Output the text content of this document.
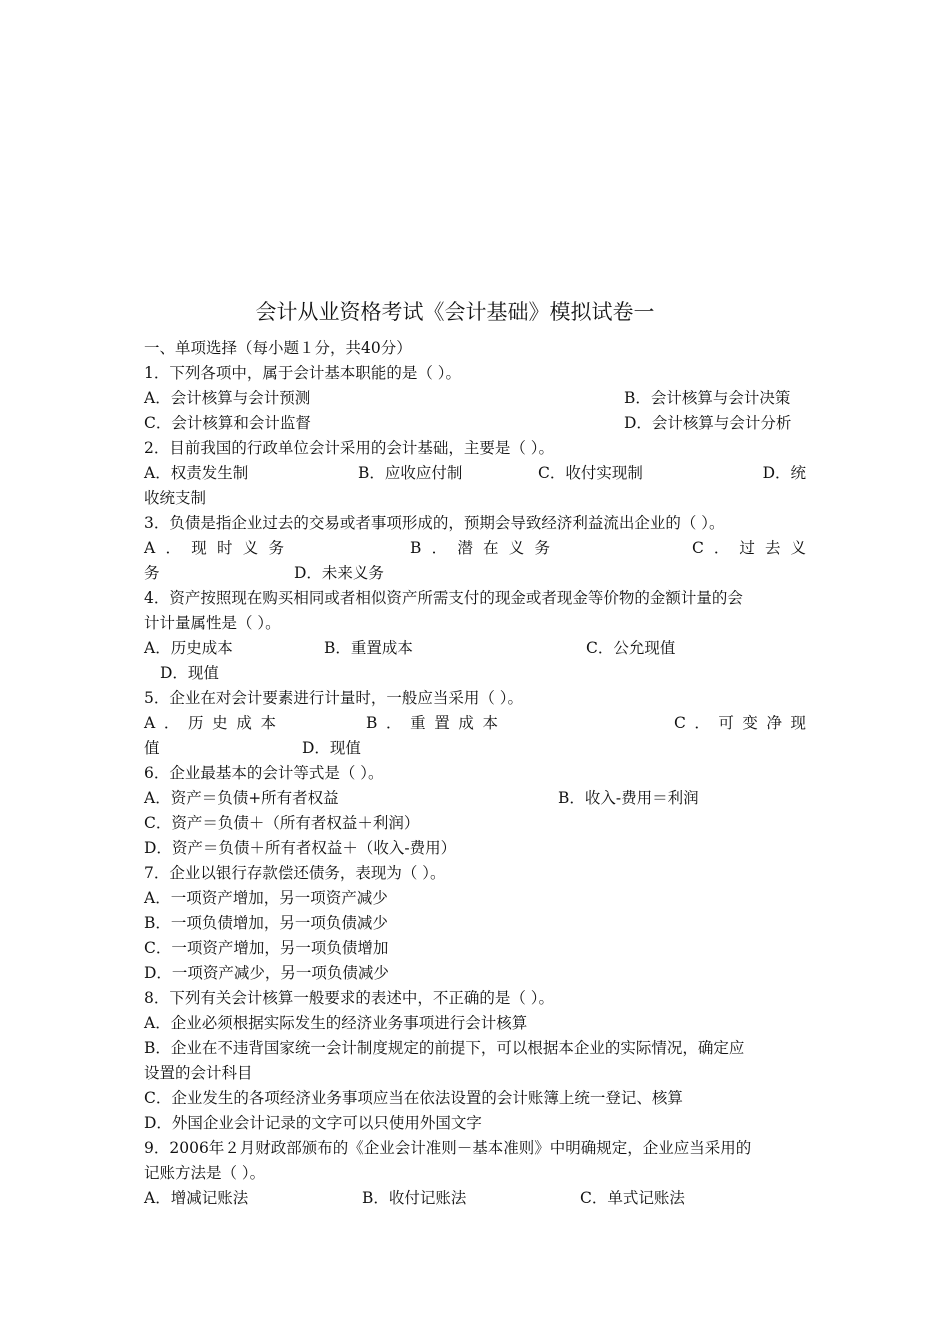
会计从业资格考试《会计基础》模拟试卷一
一、单项选择（每小题１分，共40分）
1．下列各项中，属于会计基本职能的是（ ）。
A．会计核算与会计预测	B．会计核算与会计决策
C．会计核算和会计监督	D．会计核算与会计分析
2．目前我国的行政单位会计采用的会计基础，主要是（ ）。
A．权责发生制	B．应收应付制	C．收付实现制	D．统
收统支制
3．负债是指企业过去的交易或者事项形成的，预期会导致经济利益流出企业的（ ）。
A．现时义务	B．潜在义务	C．过去义
务	D．未来义务
4．资产按照现在购买相同或者相似资产所需支付的现金或者现金等价物的金额计量的会
计计量属性是（ ）。
A．历史成本	B．重置成本	C．公允现值
D．现值
5．企业在对会计要素进行计量时，一般应当采用（ ）。
A．历史成本	B．重置成本	C．可变净现
值	D．现值
6．企业最基本的会计等式是（ ）。
A．资产＝负债+所有者权益	B．收入-费用＝利润
C．资产＝负债＋（所有者权益＋利润）
D．资产＝负债＋所有者权益＋（收入-费用）
7．企业以银行存款偿还债务，表现为（ ）。
A．一项资产增加，另一项资产减少
B．一项负债增加，另一项负债减少
C．一项资产增加，另一项负债增加
D．一项资产减少，另一项负债减少
8．下列有关会计核算一般要求的表述中，不正确的是（ ）。
A．企业必须根据实际发生的经济业务事项进行会计核算
B．企业在不违背国家统一会计制度规定的前提下，可以根据本企业的实际情况，确定应
设置的会计科目
C．企业发生的各项经济业务事项应当在依法设置的会计账簿上统一登记、核算
D．外国企业会计记录的文字可以只使用外国文字
9．2006年２月财政部颁布的《企业会计准则－基本准则》中明确规定，企业应当采用的
记账方法是（ ）。
A．增减记账法	B．收付记账法	C．单式记账法
